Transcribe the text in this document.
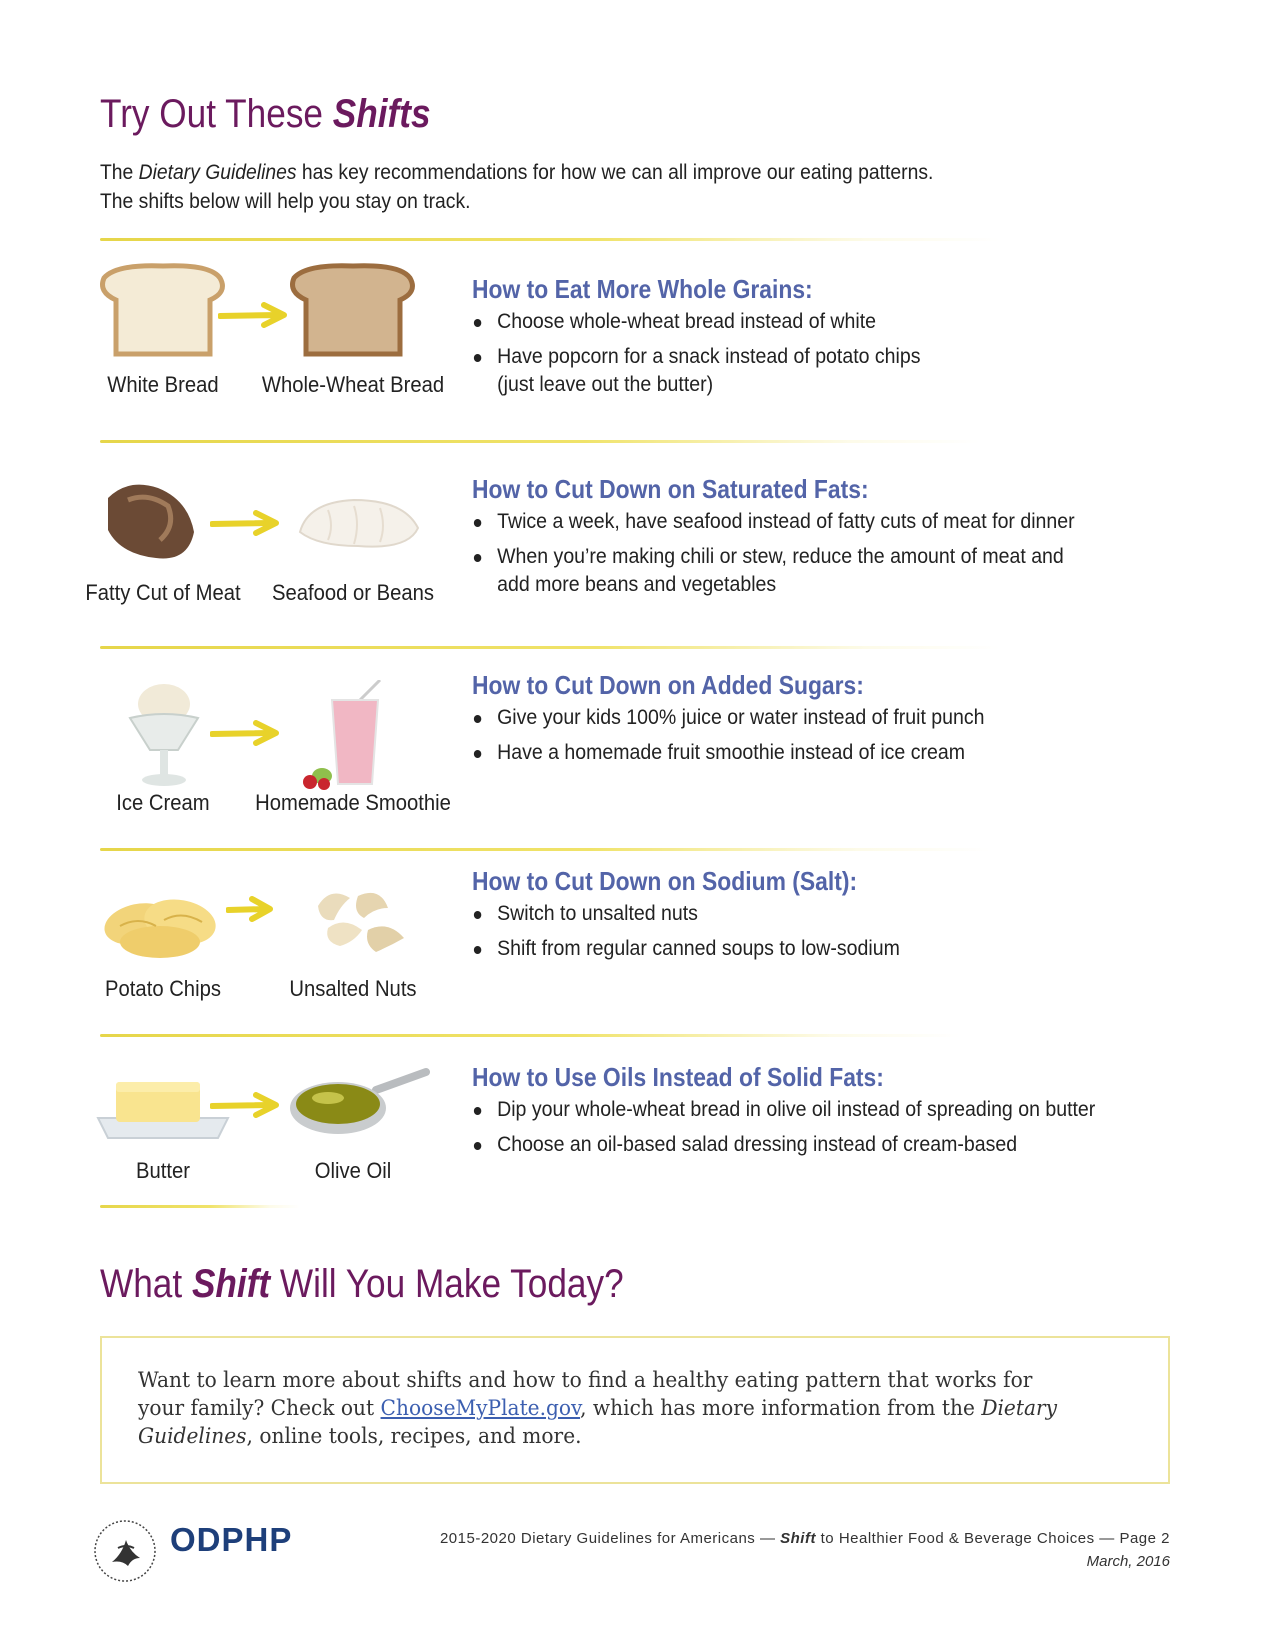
Try Out These Shifts
The Dietary Guidelines has key recommendations for how we can all improve our eating patterns.
The shifts below will help you stay on track.
White Bread	Whole-Wheat Bread
How to Eat More Whole Grains:
Choose whole-wheat bread instead of white
Have popcorn for a snack instead of potato chips (just leave out the butter)
Fatty Cut of Meat	Seafood or Beans
How to Cut Down on Saturated Fats:
Twice a week, have seafood instead of fatty cuts of meat for dinner
When you’re making chili or stew, reduce the amount of meat and add more beans and vegetables
Ice Cream	Homemade Smoothie
How to Cut Down on Added Sugars:
Give your kids 100% juice or water instead of fruit punch
Have a homemade fruit smoothie instead of ice cream
Potato Chips	Unsalted Nuts
How to Cut Down on Sodium (Salt):
Switch to unsalted nuts
Shift from regular canned soups to low-sodium
Butter	Olive Oil
How to Use Oils Instead of Solid Fats:
Dip your whole-wheat bread in olive oil instead of spreading on butter
Choose an oil-based salad dressing instead of cream-based
What Shift Will You Make Today?

Want to learn more about shifts and how to find a healthy eating pattern that works for your family? Check out ChooseMyPlate.gov, which has more information from the Dietary Guidelines, online tools, recipes, and more.

ODPHP	2015-2020 Dietary Guidelines for Americans — Shift to Healthier Food & Beverage Choices — Page 2
March, 2016
